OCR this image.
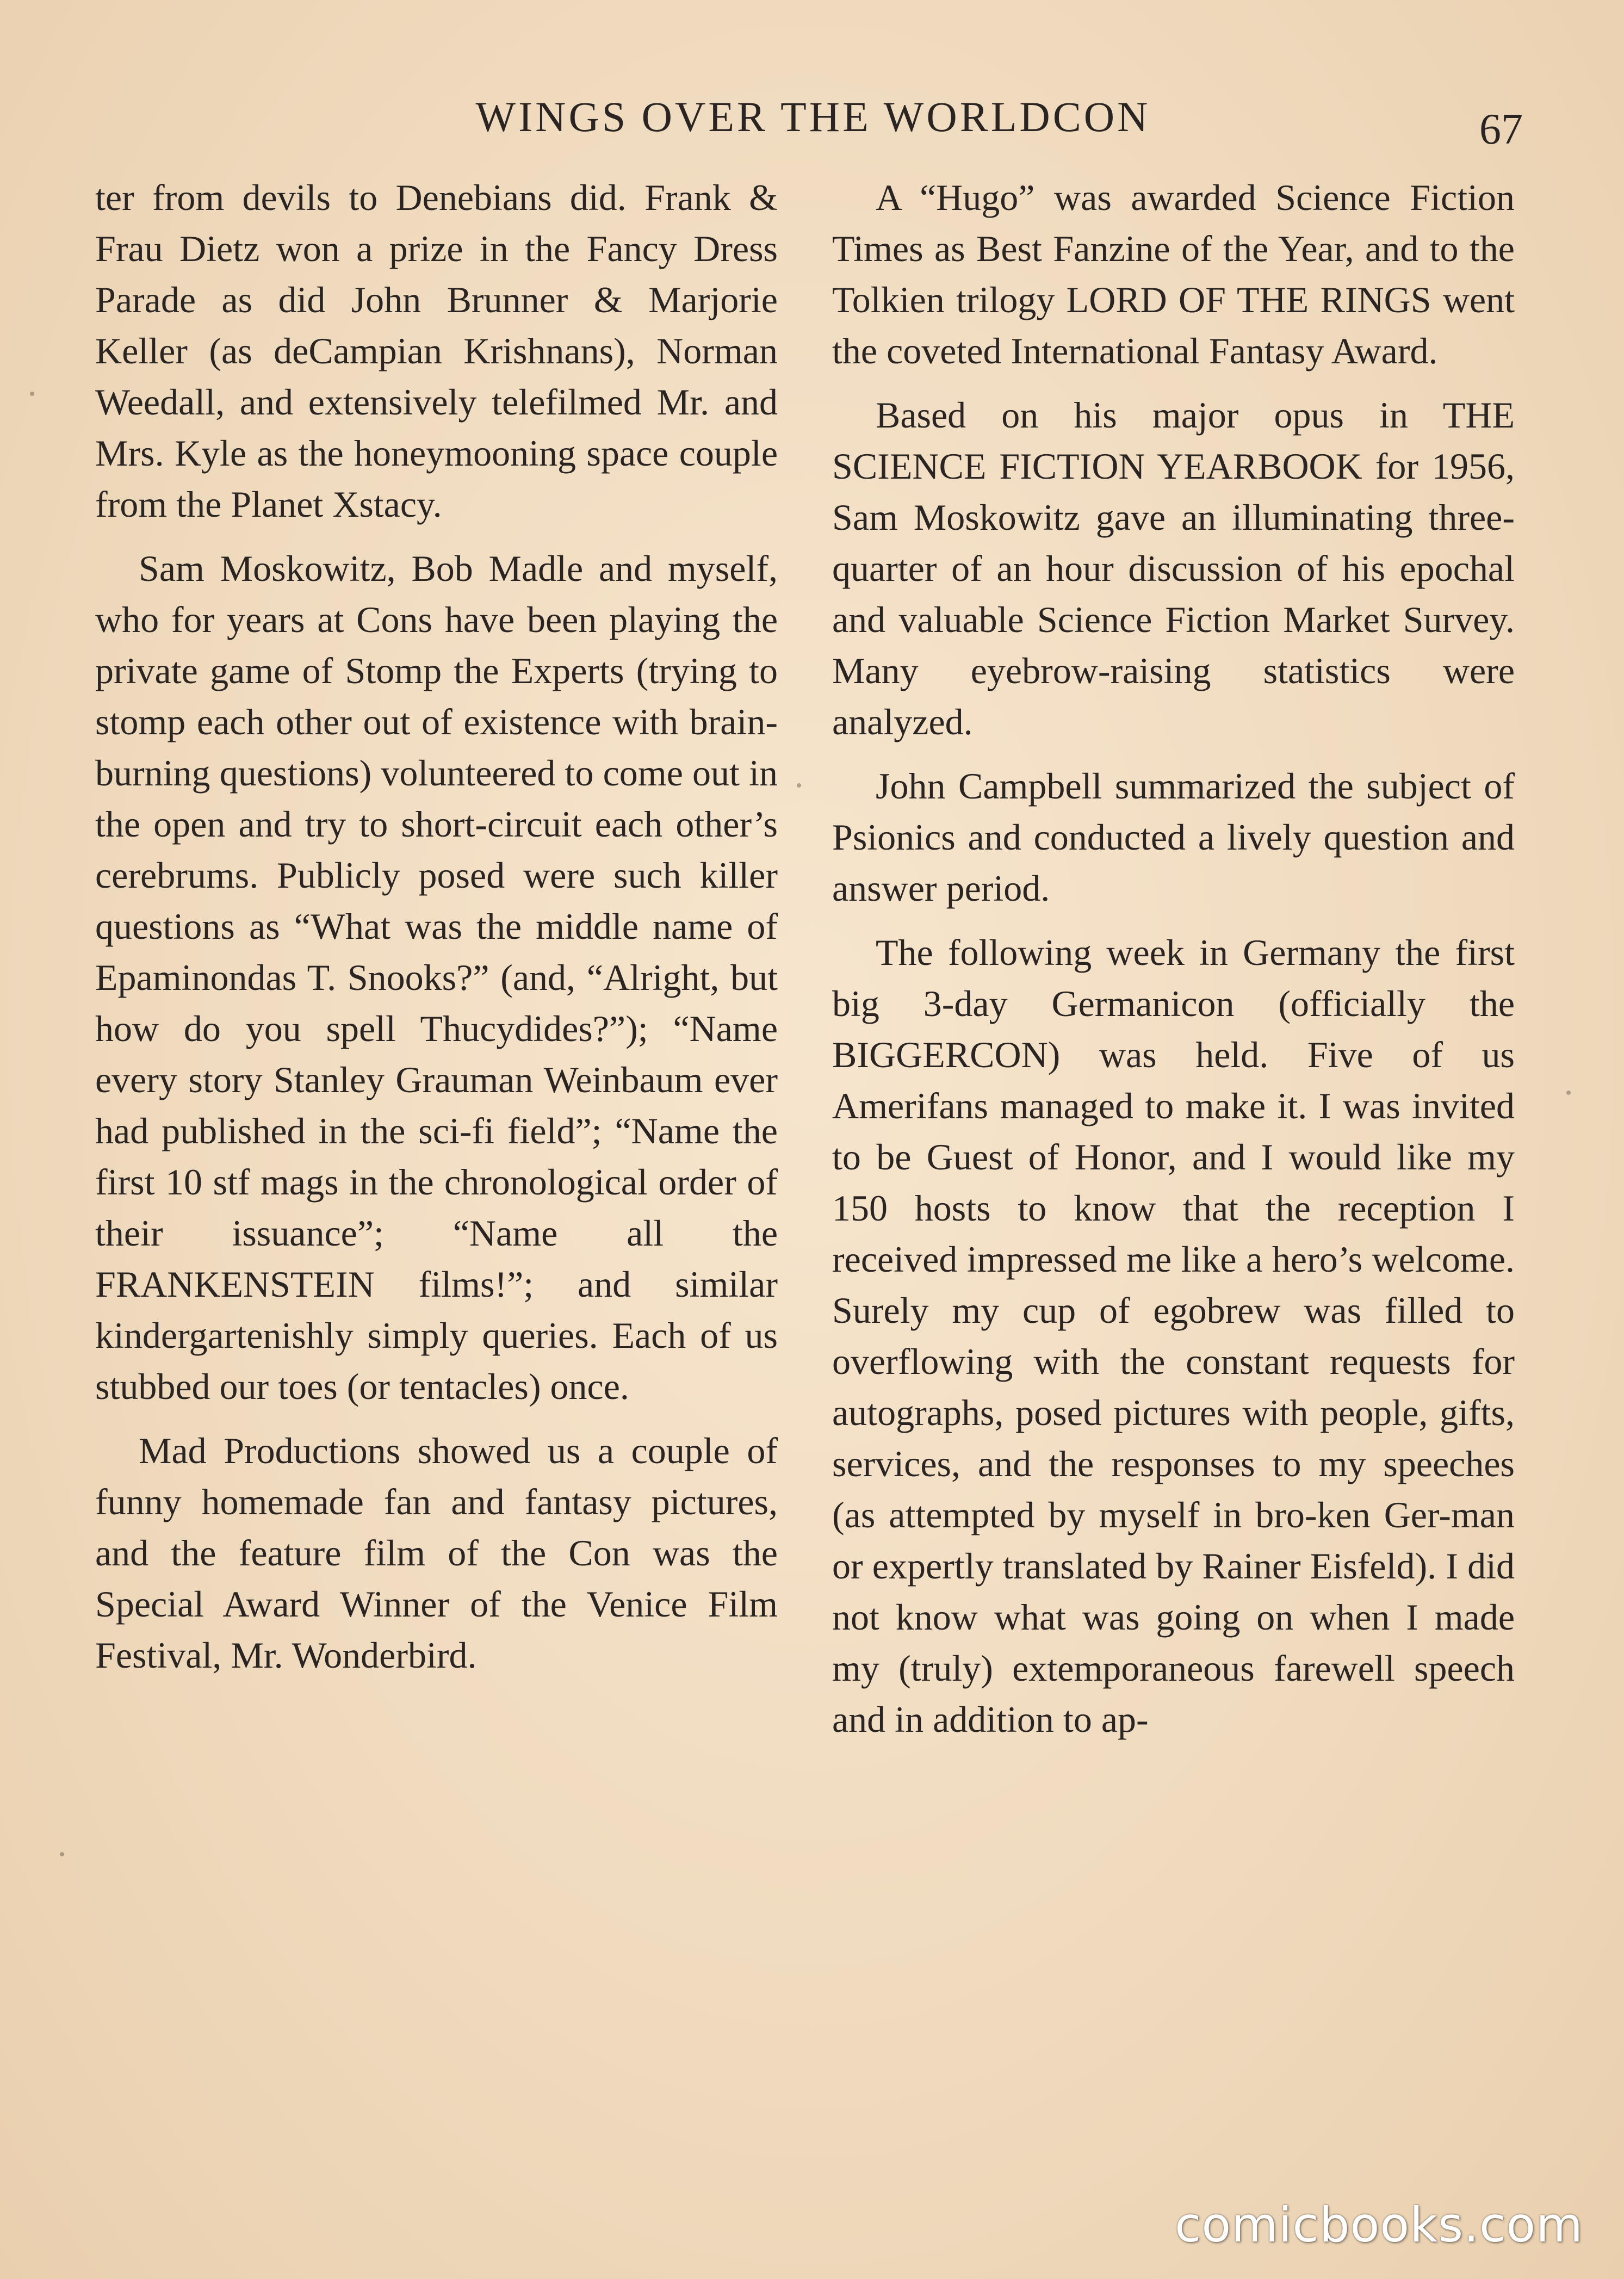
WINGS OVER THE WORLDCON	67

ter from devils to Denebians did. Frank & Frau Dietz won a prize in the Fancy Dress Parade as did John Brunner & Marjorie Keller (as deCampian Krishnans), Norman Weedall, and extensively telefilmed Mr. and Mrs. Kyle as the honeymooning space couple from the Planet Xstacy.

Sam Moskowitz, Bob Madle and myself, who for years at Cons have been playing the private game of Stomp the Experts (trying to stomp each other out of existence with brain-burning questions) volunteered to come out in the open and try to short-circuit each other’s cerebrums. Publicly posed were such killer questions as “What was the middle name of Epaminondas T. Snooks?” (and, “Alright, but how do you spell Thucydides?”); “Name every story Stanley Grauman Weinbaum ever had published in the sci-fi field”; “Name the first 10 stf mags in the chronological order of their issuance”; “Name all the FRANKENSTEIN films!”; and similar kindergartenishly simply queries. Each of us stubbed our toes (or tentacles) once.

Mad Productions showed us a couple of funny homemade fan and fantasy pictures, and the feature film of the Con was the Special Award Winner of the Venice Film Festival, Mr. Wonderbird.

A “Hugo” was awarded Science Fiction Times as Best Fanzine of the Year, and to the Tolkien trilogy LORD OF THE RINGS went the coveted International Fantasy Award.

Based on his major opus in THE SCIENCE FICTION YEARBOOK for 1956, Sam Moskowitz gave an illuminating three-quarter of an hour discussion of his epochal and valuable Science Fiction Market Survey. Many eyebrow-raising statistics were analyzed.

John Campbell summarized the subject of Psionics and conducted a lively question and answer period.

The following week in Germany the first big 3-day Germanicon (officially the BIGGERCON) was held. Five of us Amerifans managed to make it. I was invited to be Guest of Honor, and I would like my 150 hosts to know that the reception I received impressed me like a hero’s welcome. Surely my cup of egobrew was filled to overflowing with the constant requests for autographs, posed pictures with people, gifts, services, and the responses to my speeches (as attempted by myself in bro-ken Ger-man or expertly translated by Rainer Eisfeld). I did not know what was going on when I made my (truly) extemporaneous farewell speech and in addition to ap-

comicbooks.com
